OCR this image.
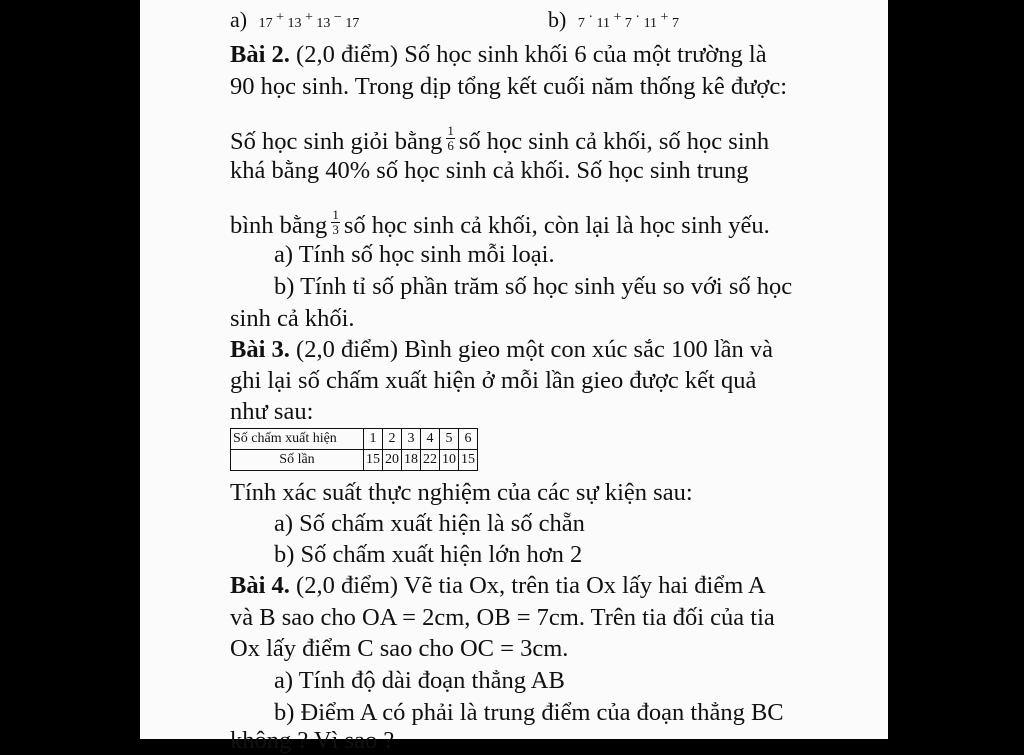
a) 17 + 13 + 13 − 17	b) 7 · 11 + 7 · 11 + 7
Bài 2. (2,0 điểm) Số học sinh khối 6 của một trường là
90 học sinh. Trong dịp tổng kết cuối năm thống kê được:
Số học sinh giỏi bằng $\frac{1}{6}$ số học sinh cả khối, số học sinh
khá bằng 40% số học sinh cả khối. Số học sinh trung
bình bằng $\frac{1}{3}$ số học sinh cả khối, còn lại là học sinh yếu.
a) Tính số học sinh mỗi loại.
b) Tính tỉ số phần trăm số học sinh yếu so với số học
sinh cả khối.
Bài 3. (2,0 điểm) Bình gieo một con xúc sắc 100 lần và
ghi lại số chấm xuất hiện ở mỗi lần gieo được kết quả
như sau:
Số chấm xuất hiện	1	2	3	4	5	6
Số lần	15	20	18	22	10	15
Tính xác suất thực nghiệm của các sự kiện sau:
a) Số chấm xuất hiện là số chẵn
b) Số chấm xuất hiện lớn hơn 2
Bài 4. (2,0 điểm) Vẽ tia Ox, trên tia Ox lấy hai điểm A
và B sao cho OA = 2cm, OB = 7cm. Trên tia đối của tia
Ox lấy điểm C sao cho OC = 3cm.
a) Tính độ dài đoạn thẳng AB
b) Điểm A có phải là trung điểm của đoạn thẳng BC
không ? Vì sao ?
